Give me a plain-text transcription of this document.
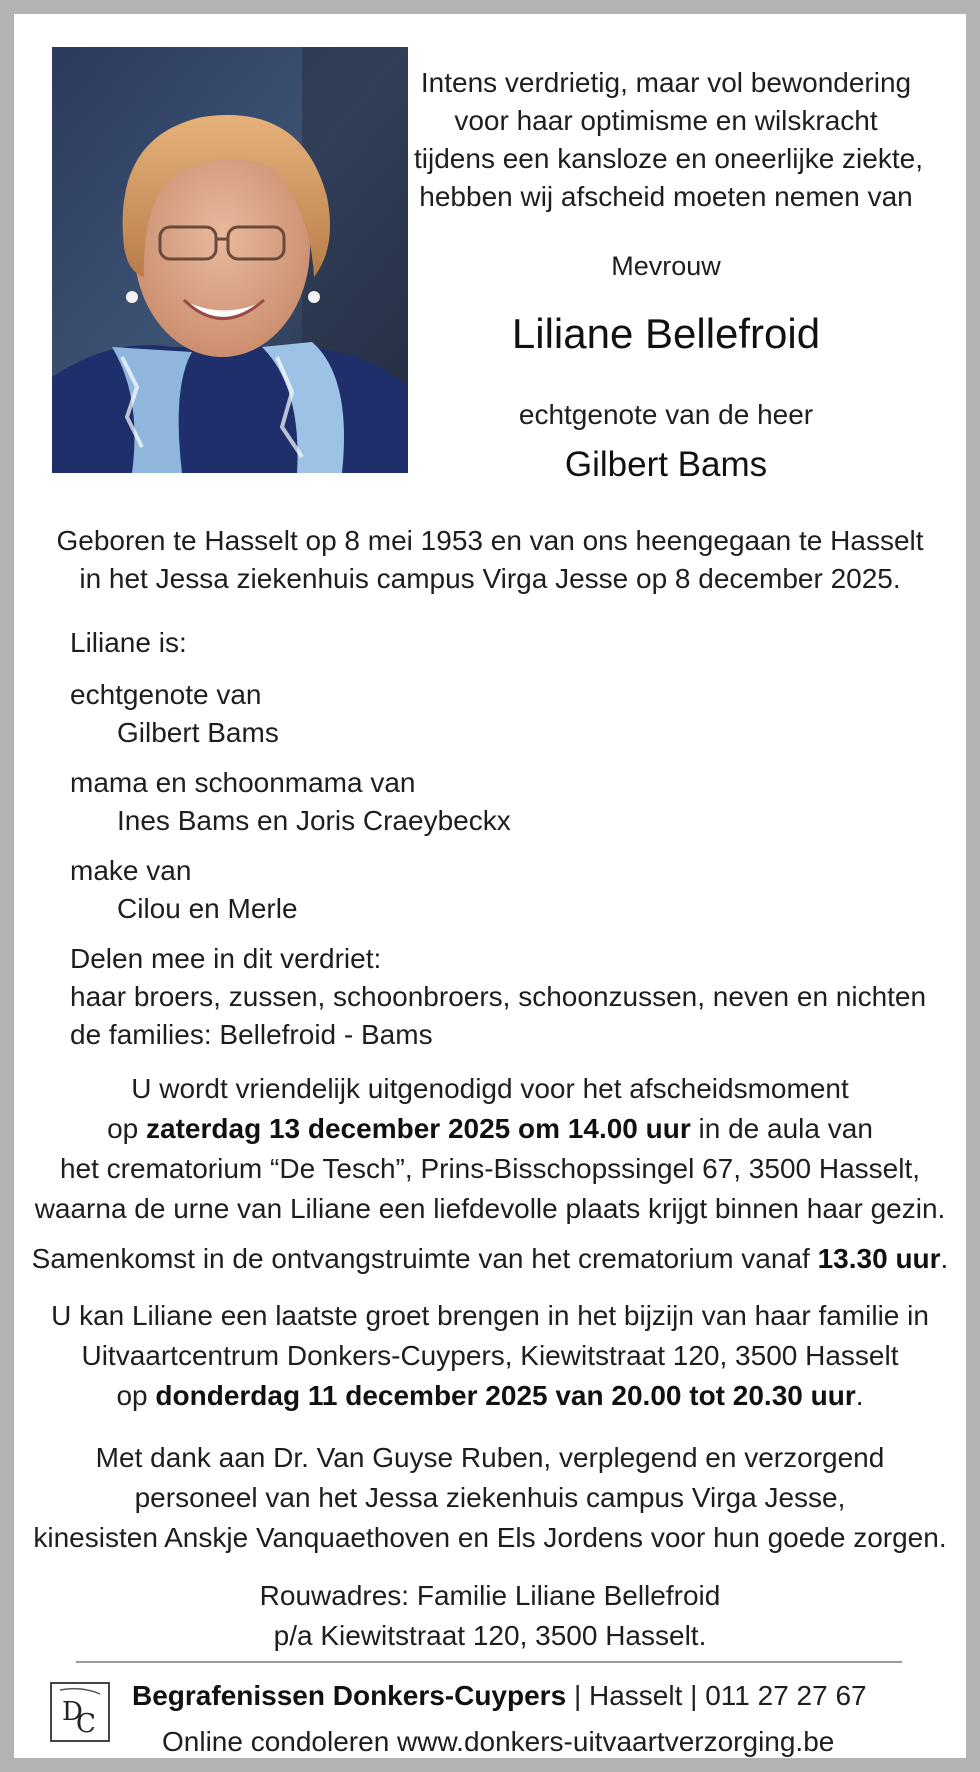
Intens verdrietig, maar vol bewondering
voor haar optimisme en wilskracht
tijdens een kansloze en oneerlijke ziekte,
hebben wij afscheid moeten nemen van
Mevrouw
Liliane Bellefroid
echtgenote van de heer
Gilbert Bams
Geboren te Hasselt op 8 mei 1953 en van ons heengegaan te Hasselt
in het Jessa ziekenhuis campus Virga Jesse op 8 december 2025.
Liliane is:
echtgenote van
Gilbert Bams
mama en schoonmama van
Ines Bams en Joris Craeybeckx
make van
Cilou en Merle
Delen mee in dit verdriet:
haar broers, zussen, schoonbroers, schoonzussen, neven en nichten
de families: Bellefroid - Bams
U wordt vriendelijk uitgenodigd voor het afscheidsmoment
op zaterdag 13 december 2025 om 14.00 uur in de aula van
het crematorium “De Tesch”, Prins-Bisschopssingel 67, 3500 Hasselt,
waarna de urne van Liliane een liefdevolle plaats krijgt binnen haar gezin.
Samenkomst in de ontvangstruimte van het crematorium vanaf 13.30 uur.
U kan Liliane een laatste groet brengen in het bijzijn van haar familie in
Uitvaartcentrum Donkers-Cuypers, Kiewitstraat 120, 3500 Hasselt
op donderdag 11 december 2025 van 20.00 tot 20.30 uur.
Met dank aan Dr. Van Guyse Ruben, verplegend en verzorgend
personeel van het Jessa ziekenhuis campus Virga Jesse,
kinesisten Anskje Vanquaethoven en Els Jordens voor hun goede zorgen.
Rouwadres: Familie Liliane Bellefroid
p/a Kiewitstraat 120, 3500 Hasselt.
D
C
Begrafenissen Donkers-Cuypers | Hasselt | 011 27 27 67
Online condoleren www.donkers-uitvaartverzorging.be
